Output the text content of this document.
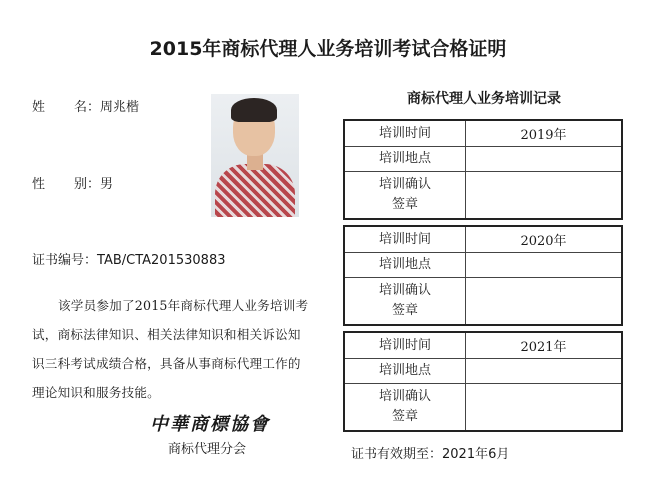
2015年商标代理人业务培训考试合格证明
姓 名：周兆楷
性 别：男
证书编号：TAB/CTA201530883
该学员参加了2015年商标代理人业务培训考试，商标法律知识、相关法律知识和相关诉讼知识三科考试成绩合格，具备从事商标代理工作的理论知识和服务技能。
中華商標協會
商标代理分会
商标代理人业务培训记录
培训时间	2019年
培训地点
培训确认
签章
培训时间	2020年
培训地点
培训确认
签章
培训时间	2021年
培训地点
培训确认
签章
证书有效期至：2021年6月
